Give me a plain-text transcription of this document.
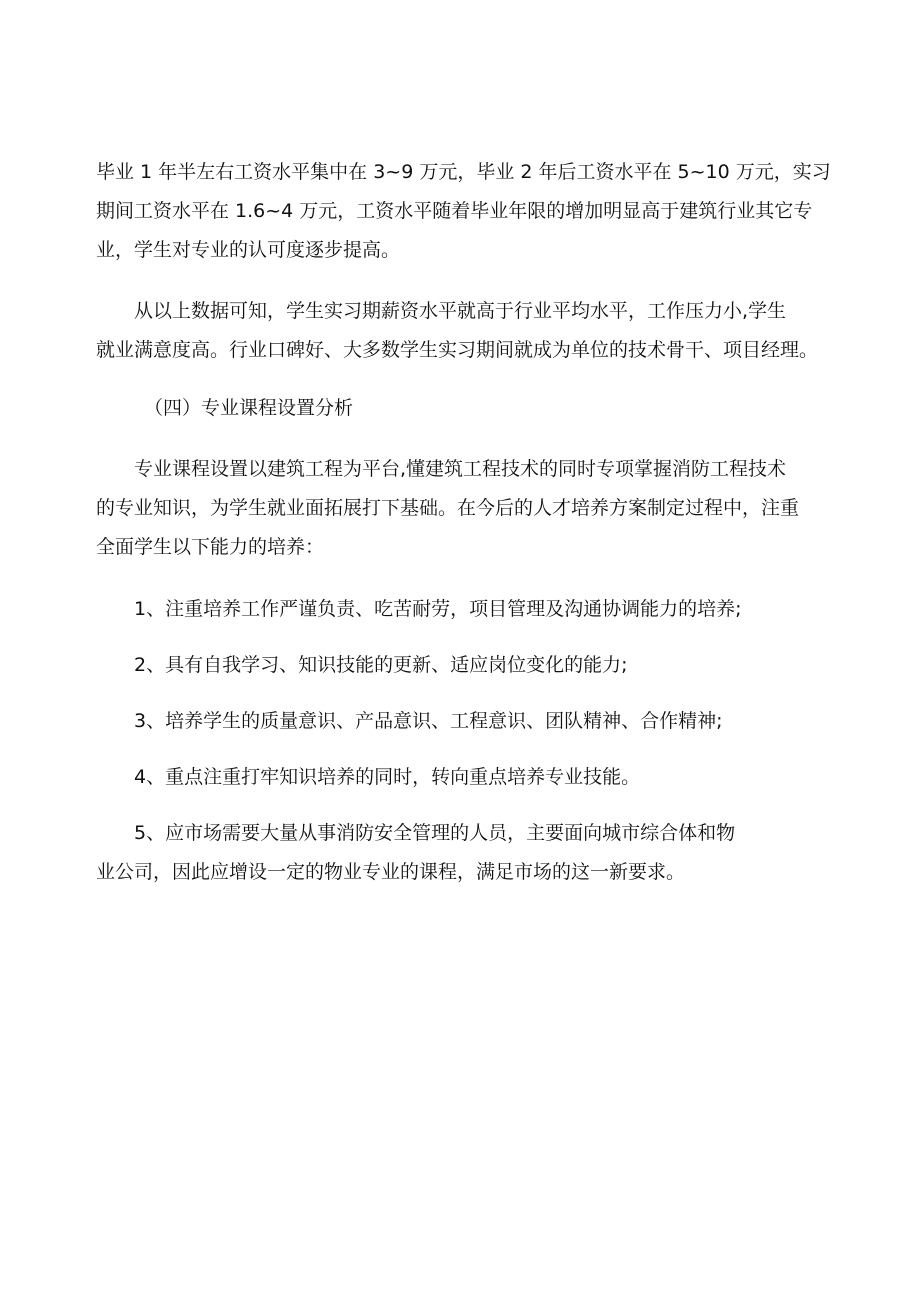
毕业 1 年半左右工资水平集中在 3~9 万元，毕业 2 年后工资水平在 5~10 万元，实习
期间工资水平在 1.6~4 万元，工资水平随着毕业年限的增加明显高于建筑行业其它专
业，学生对专业的认可度逐步提高。
从以上数据可知，学生实习期薪资水平就高于行业平均水平，工作压力小,学生
就业满意度高。行业口碑好、大多数学生实习期间就成为单位的技术骨干、项目经理。
（四）专业课程设置分析
专业课程设置以建筑工程为平台,懂建筑工程技术的同时专项掌握消防工程技术
的专业知识，为学生就业面拓展打下基础。在今后的人才培养方案制定过程中，注重
全面学生以下能力的培养：
1、注重培养工作严谨负责、吃苦耐劳，项目管理及沟通协调能力的培养;
2、具有自我学习、知识技能的更新、适应岗位变化的能力;
3、培养学生的质量意识、产品意识、工程意识、团队精神、合作精神;
4、重点注重打牢知识培养的同时，转向重点培养专业技能。
5、应市场需要大量从事消防安全管理的人员，主要面向城市综合体和物
业公司，因此应增设一定的物业专业的课程，满足市场的这一新要求。
